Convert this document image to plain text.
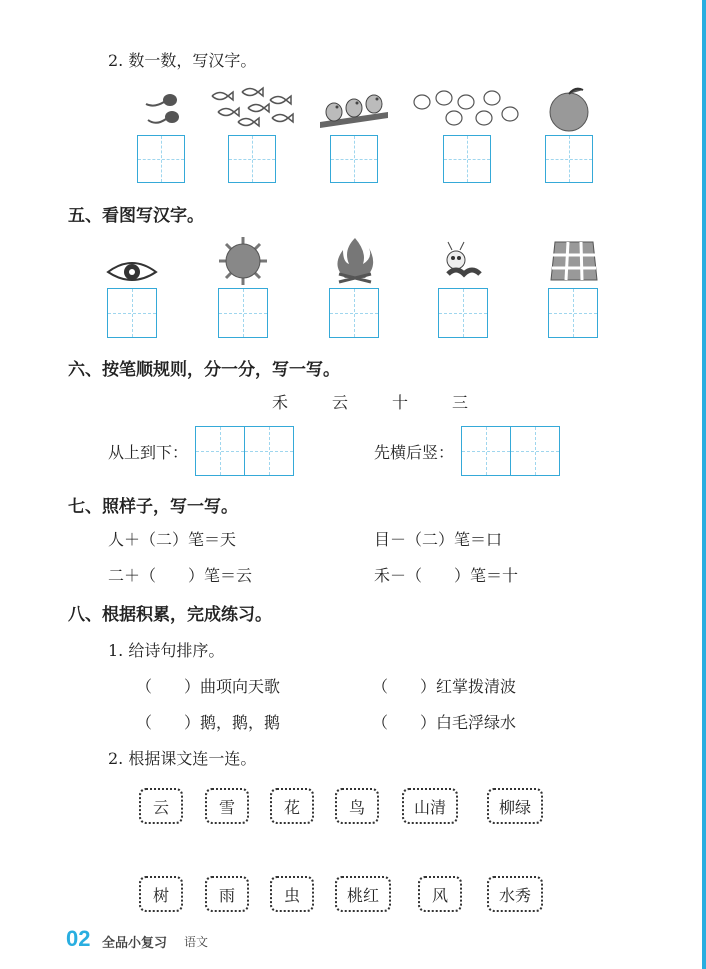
2. 数一数，写汉字。
五、看图写汉字。
六、按笔顺规则，分一分，写一写。
禾	云	十	三
从上到下：	先横后竖：
七、照样子，写一写。
人＋（二）笔＝天	目－（二）笔＝口
二＋（　　）笔＝云	禾－（　　）笔＝十
八、根据积累，完成练习。
1. 给诗句排序。
（　　）曲项向天歌	（　　）红掌拨清波
（　　）鹅，鹅，鹅	（　　）白毛浮绿水
2. 根据课文连一连。
云	雪	花	鸟	山清	柳绿
树	雨	虫	桃红	风	水秀
02 全品小复习 语文
